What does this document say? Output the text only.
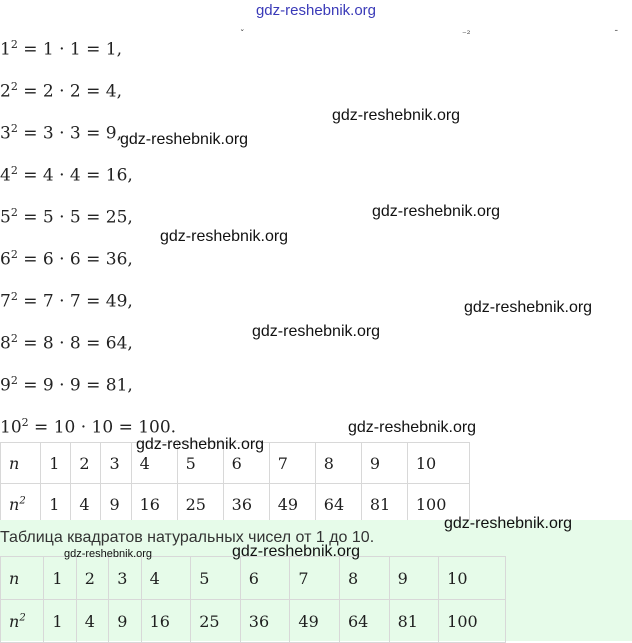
gdz-reshebnik.org
ˇ	⁻²	ˉ
$1^2 = 1 \cdot 1 = 1$,
$2^2 = 2 \cdot 2 = 4$,
$3^2 = 3 \cdot 3 = 9$,
$4^2 = 4 \cdot 4 = 16$,
$5^2 = 5 \cdot 5 = 25$,
$6^2 = 6 \cdot 6 = 36$,
$7^2 = 7 \cdot 7 = 49$,
$8^2 = 8 \cdot 8 = 64$,
$9^2 = 9 \cdot 9 = 81$,
$10^2 = 10 \cdot 10 = 100$.
n	1	2	3	4	5	6	7	8	9	10
$n^2$	1	4	9	16	25	36	49	64	81	100
Таблица квадратов натуральных чисел от 1 до 10.
n	1	2	3	4	5	6	7	8	9	10
$n^2$	1	4	9	16	25	36	49	64	81	100
gdz-reshebnik.org
gdz-reshebnik.org
gdz-reshebnik.org
gdz-reshebnik.org
gdz-reshebnik.org
gdz-reshebnik.org
gdz-reshebnik.org
gdz-reshebnik.org
gdz-reshebnik.org
gdz-reshebnik.org
gdz-reshebnik.org
